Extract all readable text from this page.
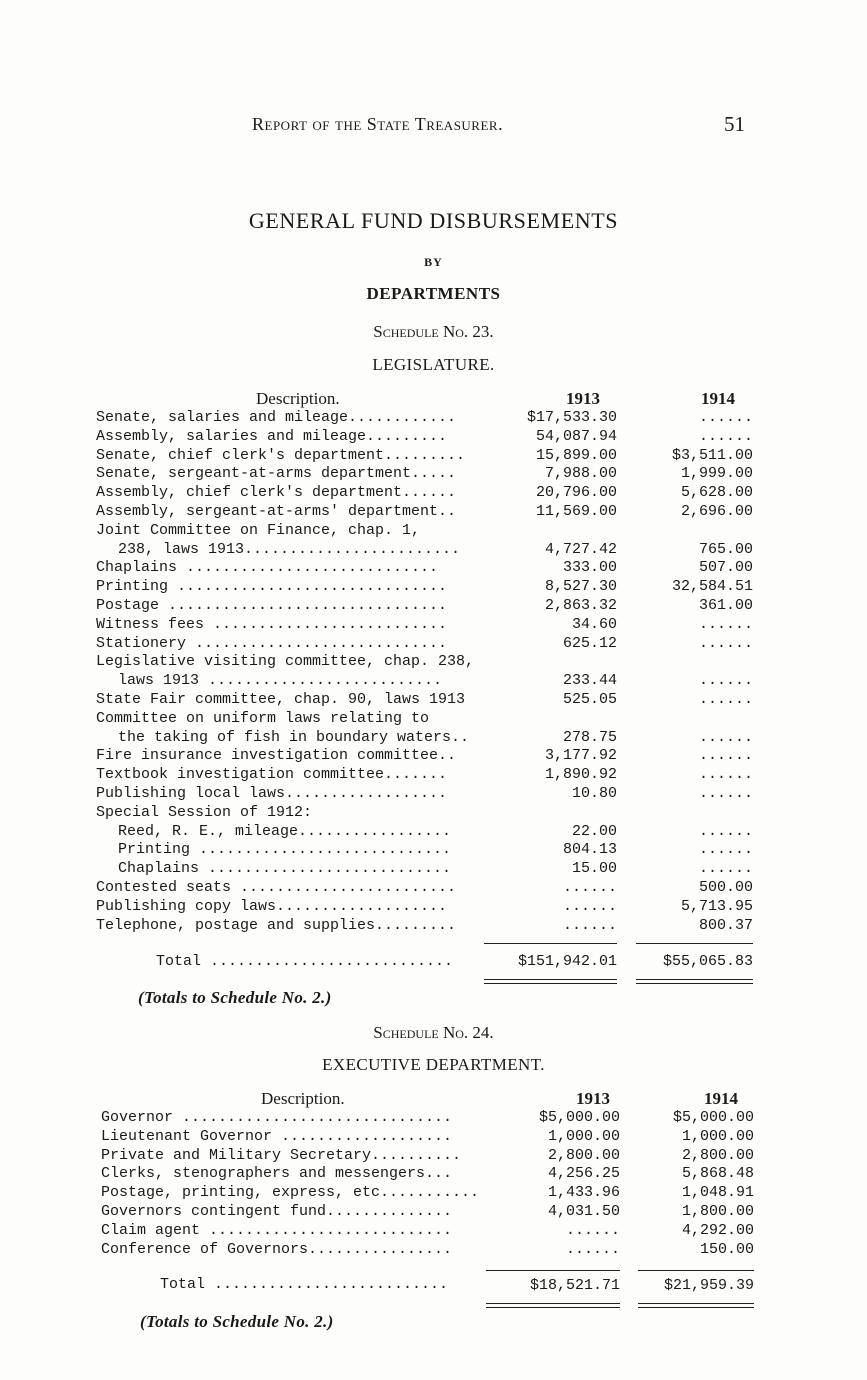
Report of the State Treasurer.	51
GENERAL FUND DISBURSEMENTS
BY
DEPARTMENTS
Schedule No. 23.
LEGISLATURE.
Description.	1913	1914
Senate, salaries and mileage............	$17,533.30	......
Assembly, salaries and mileage.........	54,087.94	......
Senate, chief clerk's department.........	15,899.00	$3,511.00
Senate, sergeant-at-arms department.....	7,988.00	1,999.00
Assembly, chief clerk's department......	20,796.00	5,628.00
Assembly, sergeant-at-arms' department..	11,569.00	2,696.00
Joint Committee on Finance, chap. 1,
238, laws 1913........................	4,727.42	765.00
Chaplains ............................	333.00	507.00
Printing ..............................	8,527.30	32,584.51
Postage ...............................	2,863.32	361.00
Witness fees ..........................	34.60	......
Stationery ............................	625.12	......
Legislative visiting committee, chap. 238,
laws 1913 ..........................	233.44	......
State Fair committee, chap. 90, laws 1913	525.05	......
Committee on uniform laws relating to
the taking of fish in boundary waters..	278.75	......
Fire insurance investigation committee..	3,177.92	......
Textbook investigation committee.......	1,890.92	......
Publishing local laws..................	10.80	......
Special Session of 1912:
Reed, R. E., mileage.................	22.00	......
Printing ............................	804.13	......
Chaplains ...........................	15.00	......
Contested seats ........................	......	500.00
Publishing copy laws...................	......	5,713.95
Telephone, postage and supplies.........	......	800.37
Total ...........................	$151,942.01	$55,065.83
(Totals to Schedule No. 2.)
Schedule No. 24.
EXECUTIVE DEPARTMENT.
Description.	1913	1914
Governor ..............................	$5,000.00	$5,000.00
Lieutenant Governor ...................	1,000.00	1,000.00
Private and Military Secretary..........	2,800.00	2,800.00
Clerks, stenographers and messengers...	4,256.25	5,868.48
Postage, printing, express, etc...........	1,433.96	1,048.91
Governors contingent fund..............	4,031.50	1,800.00
Claim agent ...........................	......	4,292.00
Conference of Governors................	......	150.00
Total ..........................	$18,521.71	$21,959.39
(Totals to Schedule No. 2.)
